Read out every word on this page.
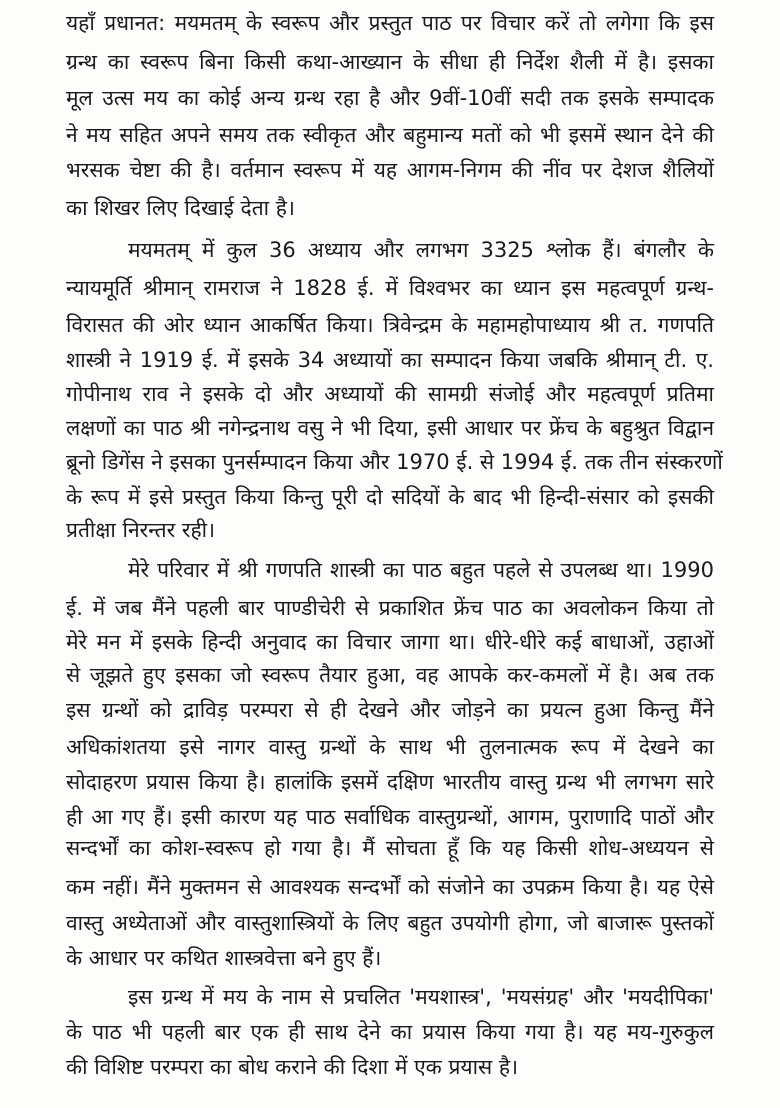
यहाँ प्रधानत: मयमतम् के स्वरूप और प्रस्तुत पाठ पर विचार करें तो लगेगा कि इस
ग्रन्थ का स्वरूप बिना किसी कथा-आख्यान के सीधा ही निर्देश शैली में है। इसका
मूल उत्स मय का कोई अन्य ग्रन्थ रहा है और 9वीं-10वीं सदी तक इसके सम्पादक
ने मय सहित अपने समय तक स्वीकृत और बहुमान्य मतों को भी इसमें स्थान देने की
भरसक चेष्टा की है। वर्तमान स्वरूप में यह आगम-निगम की नींव पर देशज शैलियों
का शिखर लिए दिखाई देता है।
मयमतम् में कुल 36 अध्याय और लगभग 3325 श्लोक हैं। बंगलौर के
न्यायमूर्ति श्रीमान् रामराज ने 1828 ई. में विश्वभर का ध्यान इस महत्वपूर्ण ग्रन्थ-
विरासत की ओर ध्यान आकर्षित किया। त्रिवेन्द्रम के महामहोपाध्याय श्री त. गणपति
शास्त्री ने 1919 ई. में इसके 34 अध्यायों का सम्पादन किया जबकि श्रीमान् टी. ए.
गोपीनाथ राव ने इसके दो और अध्यायों की सामग्री संजोई और महत्वपूर्ण प्रतिमा
लक्षणों का पाठ श्री नगेन्द्रनाथ वसु ने भी दिया, इसी आधार पर फ्रेंच के बहुश्रुत विद्वान
ब्रूनो डिगेंस ने इसका पुनर्सम्पादन किया और 1970 ई. से 1994 ई. तक तीन संस्करणों
के रूप में इसे प्रस्तुत किया किन्तु पूरी दो सदियों के बाद भी हिन्दी-संसार को इसकी
प्रतीक्षा निरन्तर रही।
मेरे परिवार में श्री गणपति शास्त्री का पाठ बहुत पहले से उपलब्ध था। 1990
ई. में जब मैंने पहली बार पाण्डीचेरी से प्रकाशित फ्रेंच पाठ का अवलोकन किया तो
मेरे मन में इसके हिन्दी अनुवाद का विचार जागा था। धीरे-धीरे कई बाधाओं, उहाओं
से जूझते हुए इसका जो स्वरूप तैयार हुआ, वह आपके कर-कमलों में है। अब तक
इस ग्रन्थों को द्राविड़ परम्परा से ही देखने और जोड़ने का प्रयत्न हुआ किन्तु मैंने
अधिकांशतया इसे नागर वास्तु ग्रन्थों के साथ भी तुलनात्मक रूप में देखने का
सोदाहरण प्रयास किया है। हालांकि इसमें दक्षिण भारतीय वास्तु ग्रन्थ भी लगभग सारे
ही आ गए हैं। इसी कारण यह पाठ सर्वाधिक वास्तुग्रन्थों, आगम, पुराणादि पाठों और
सन्दर्भों का कोश-स्वरूप हो गया है। मैं सोचता हूँ कि यह किसी शोध-अध्ययन से
कम नहीं। मैंने मुक्तमन से आवश्यक सन्दर्भों को संजोने का उपक्रम किया है। यह ऐसे
वास्तु अध्येताओं और वास्तुशास्त्रियों के लिए बहुत उपयोगी होगा, जो बाजारू पुस्तकों
के आधार पर कथित शास्त्रवेत्ता बने हुए हैं।
इस ग्रन्थ में मय के नाम से प्रचलित 'मयशास्त्र', 'मयसंग्रह' और 'मयदीपिका'
के पाठ भी पहली बार एक ही साथ देने का प्रयास किया गया है। यह मय-गुरुकुल
की विशिष्ट परम्परा का बोध कराने की दिशा में एक प्रयास है।
